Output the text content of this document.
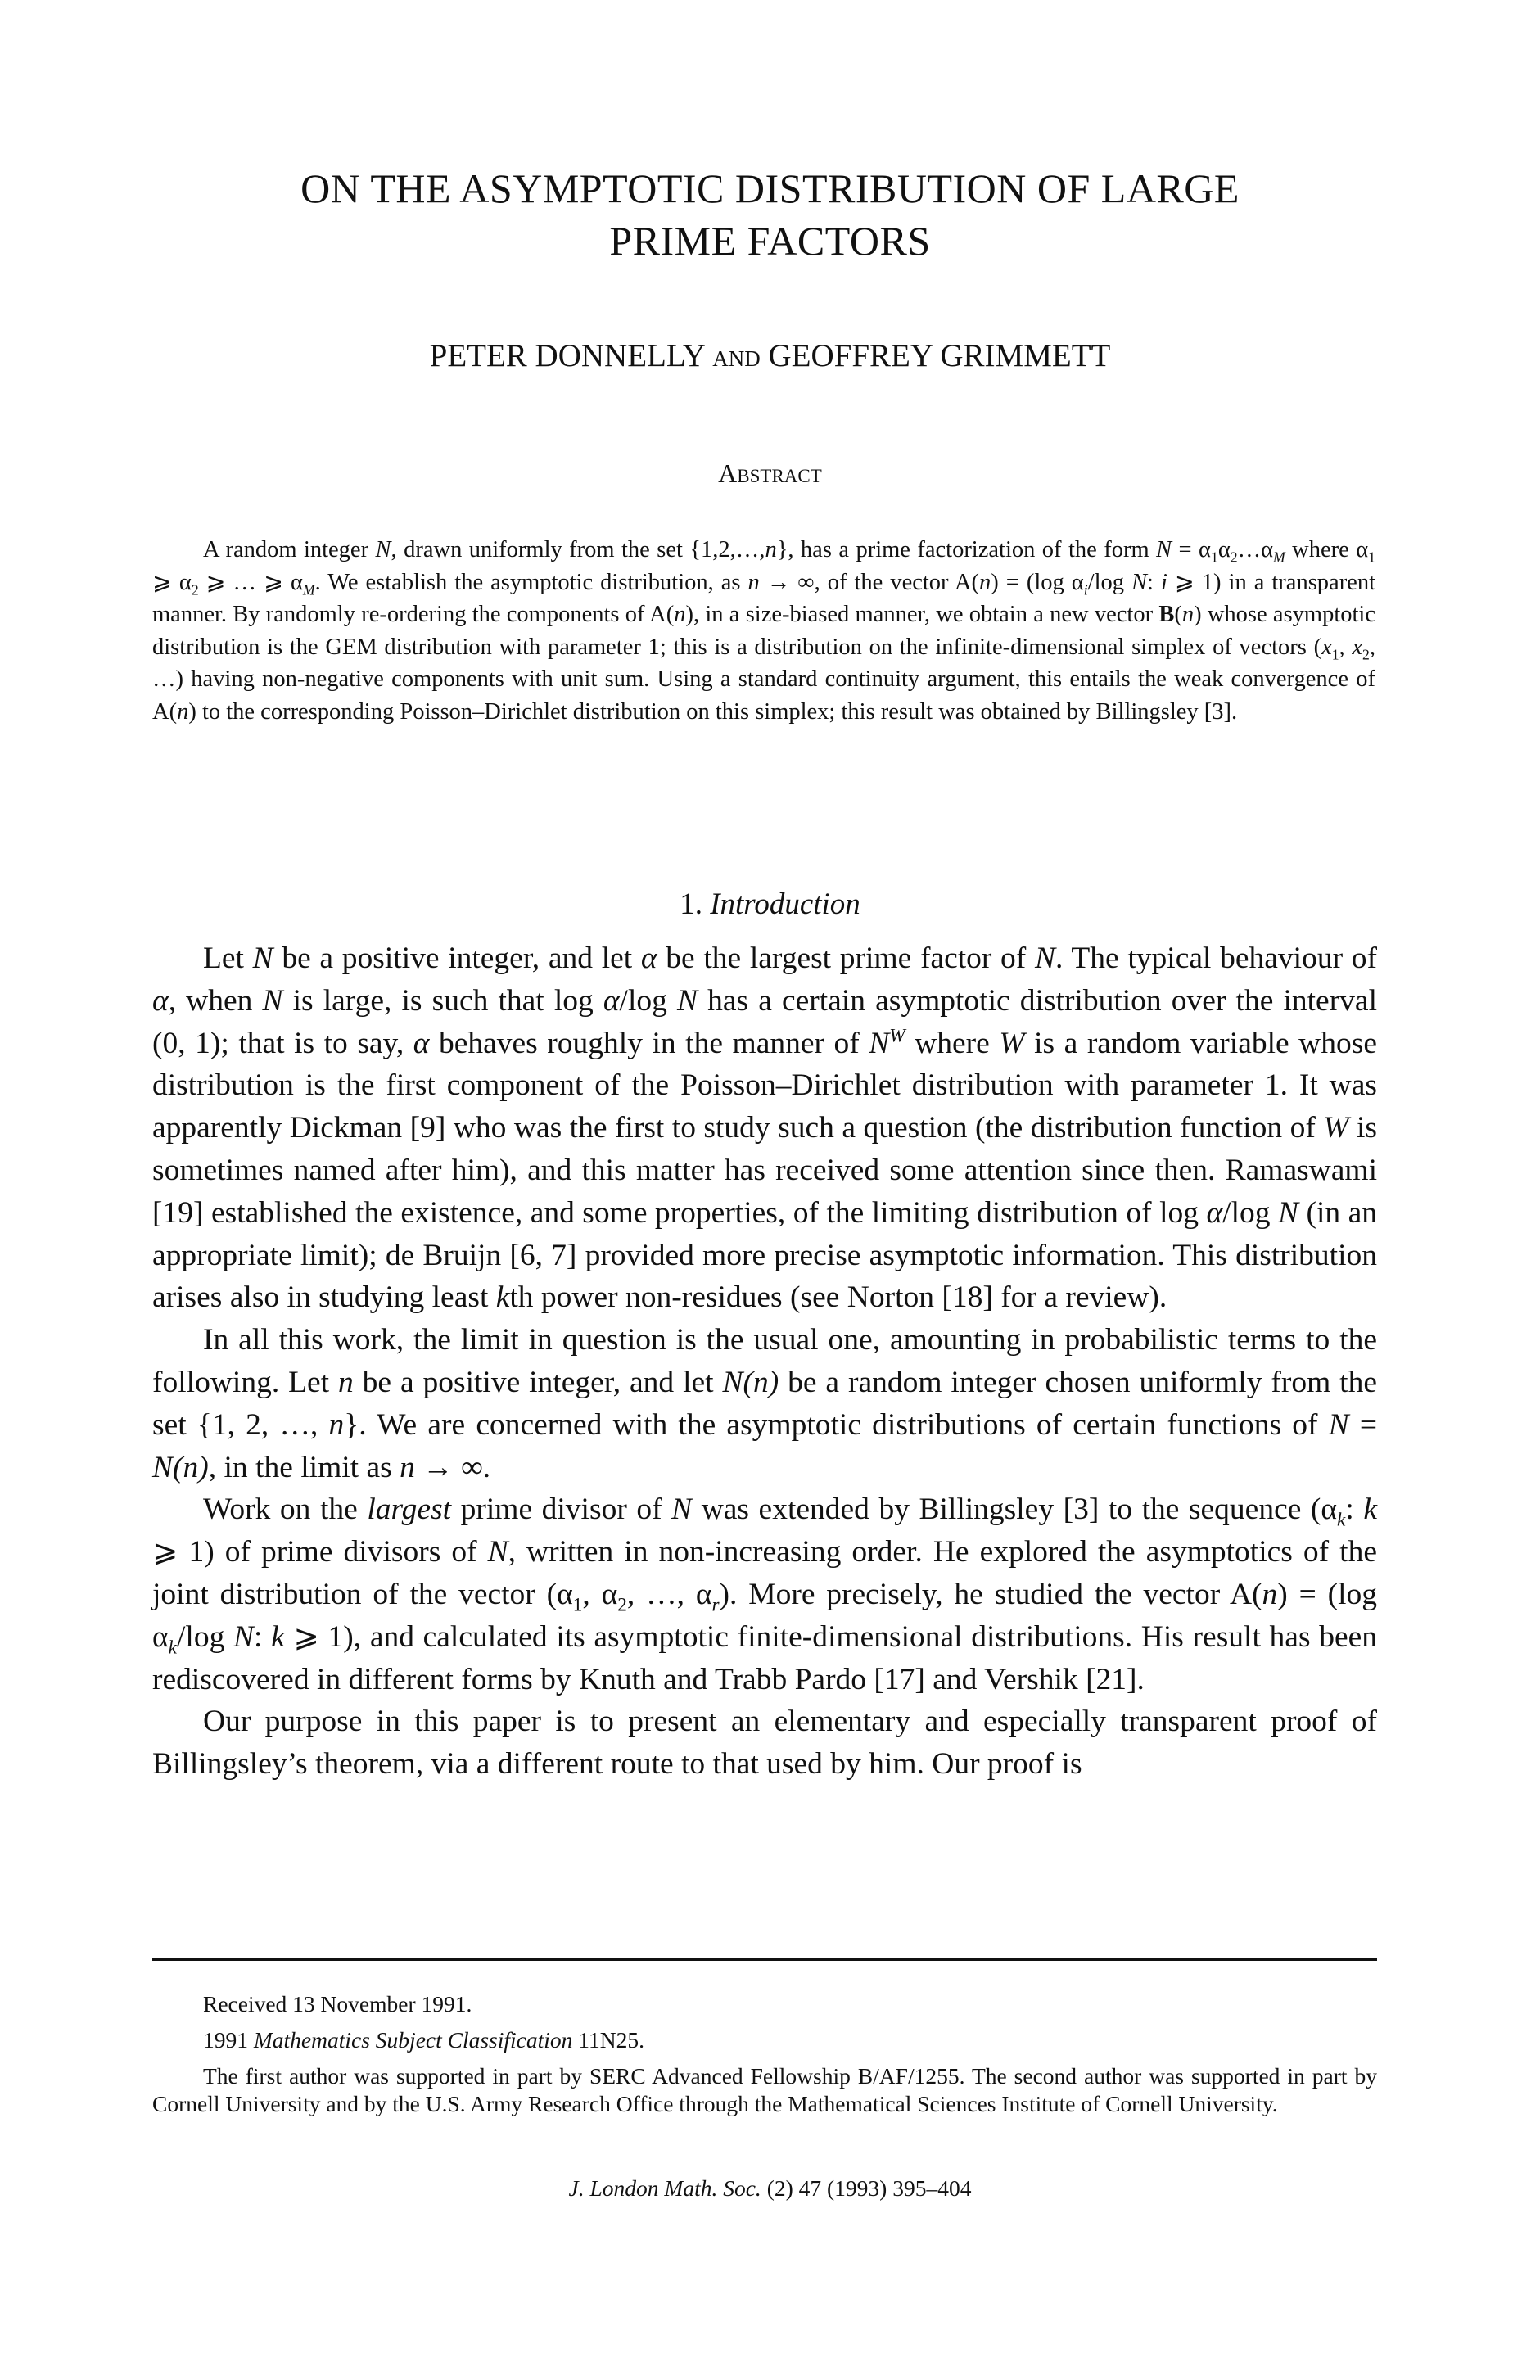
ON THE ASYMPTOTIC DISTRIBUTION OF LARGE
PRIME FACTORS
PETER DONNELLY AND GEOFFREY GRIMMETT
ABSTRACT

A random integer N, drawn uniformly from the set {1,2,…,n}, has a prime factorization of the form $N = \alpha_1\alpha_2\dots\alpha_M$ where $\alpha_1$ ⩾ $\alpha_2$ ⩾ … ⩾ $\alpha_M$. We establish the asymptotic distribution, as n → ∞, of the vector A(n) = (log $\alpha_i/\log$ N: i ⩾ 1) in a transparent manner. By randomly re-ordering the components of A(n), in a size-biased manner, we obtain a new vector B(n) whose asymptotic distribution is the GEM distribution with parameter 1; this is a distribution on the infinite-dimensional simplex of vectors ($x_1$, $x_2$, …) having non-negative components with unit sum. Using a standard continuity argument, this entails the weak convergence of A(n) to the corresponding Poisson–Dirichlet distribution on this simplex; this result was obtained by Billingsley [3].

1. Introduction

Let N be a positive integer, and let α be the largest prime factor of N. The typical behaviour of α, when N is large, is such that log α/log N has a certain asymptotic distribution over the interval (0, 1); that is to say, α behaves roughly in the manner of $N^W$ where W is a random variable whose distribution is the first component of the Poisson–Dirichlet distribution with parameter 1. It was apparently Dickman [9] who was the first to study such a question (the distribution function of W is sometimes named after him), and this matter has received some attention since then. Ramaswami [19] established the existence, and some properties, of the limiting distribution of log α/log N (in an appropriate limit); de Bruijn [6, 7] provided more precise asymptotic information. This distribution arises also in studying least kth power non-residues (see Norton [18] for a review).

In all this work, the limit in question is the usual one, amounting in probabilistic terms to the following. Let n be a positive integer, and let N(n) be a random integer chosen uniformly from the set {1, 2, …, n}. We are concerned with the asymptotic distributions of certain functions of N = N(n), in the limit as n → ∞.

Work on the largest prime divisor of N was extended by Billingsley [3] to the sequence ($\alpha_k$: k ⩾ 1) of prime divisors of N, written in non-increasing order. He explored the asymptotics of the joint distribution of the vector ($\alpha_1$, $\alpha_2$, …, $\alpha_r$). More precisely, he studied the vector A(n) = (log $\alpha_k/\log$ N: k ⩾ 1), and calculated its asymptotic finite-dimensional distributions. His result has been rediscovered in different forms by Knuth and Trabb Pardo [17] and Vershik [21].

Our purpose in this paper is to present an elementary and especially transparent proof of Billingsley’s theorem, via a different route to that used by him. Our proof is

Received 13 November 1991.

1991 Mathematics Subject Classification 11N25.

The first author was supported in part by SERC Advanced Fellowship B/AF/1255. The second author was supported in part by Cornell University and by the U.S. Army Research Office through the Mathematical Sciences Institute of Cornell University.

J. London Math. Soc. (2) 47 (1993) 395–404
